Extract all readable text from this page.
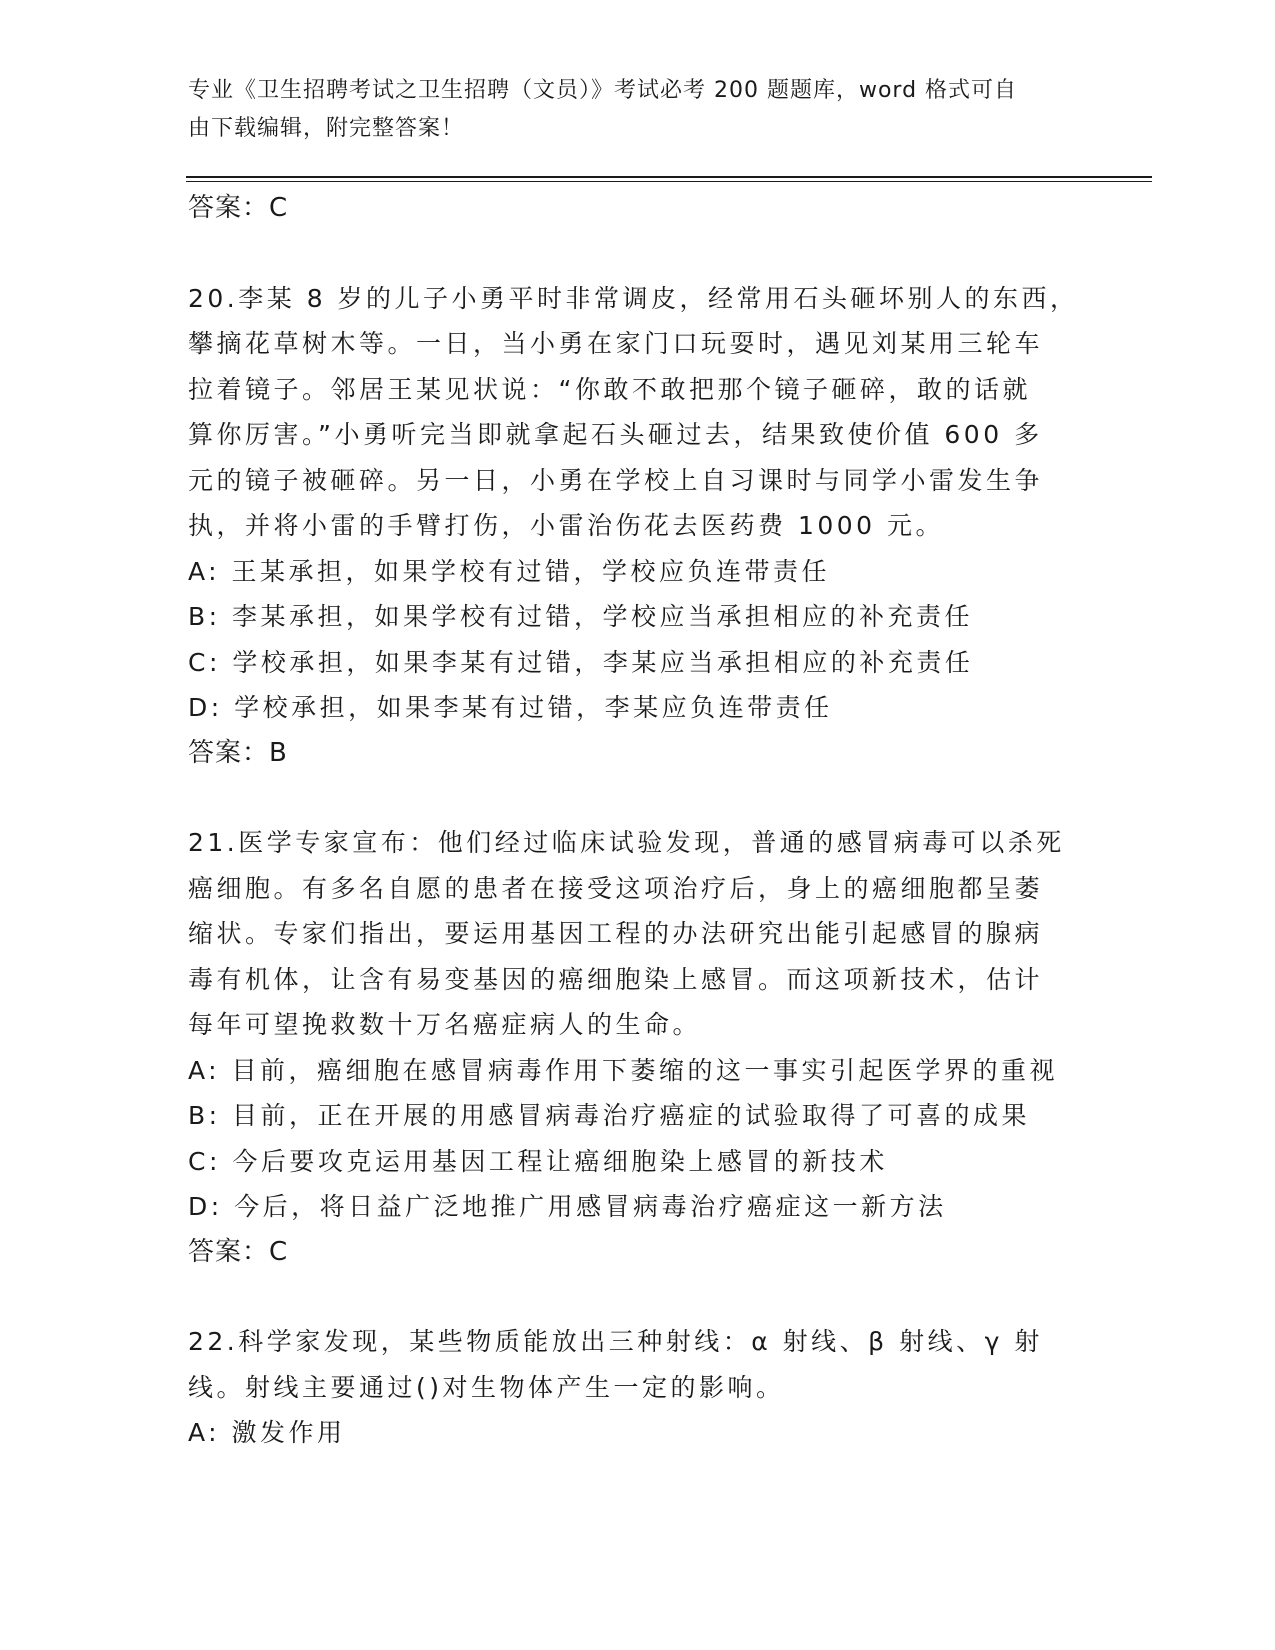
专业《卫生招聘考试之卫生招聘（文员）》考试必考 200 题题库，word 格式可自
由下载编辑，附完整答案！
答案：C
20.李某 8 岁的儿子小勇平时非常调皮，经常用石头砸坏别人的东西，
攀摘花草树木等。一日，当小勇在家门口玩耍时，遇见刘某用三轮车
拉着镜子。邻居王某见状说：“你敢不敢把那个镜子砸碎，敢的话就
算你厉害。”小勇听完当即就拿起石头砸过去，结果致使价值 600 多
元的镜子被砸碎。另一日，小勇在学校上自习课时与同学小雷发生争
执，并将小雷的手臂打伤，小雷治伤花去医药费 1000 元。
A: 王某承担，如果学校有过错，学校应负连带责任
B: 李某承担，如果学校有过错，学校应当承担相应的补充责任
C: 学校承担，如果李某有过错，李某应当承担相应的补充责任
D: 学校承担，如果李某有过错，李某应负连带责任
答案：B
21.医学专家宣布：他们经过临床试验发现，普通的感冒病毒可以杀死
癌细胞。有多名自愿的患者在接受这项治疗后，身上的癌细胞都呈萎
缩状。专家们指出，要运用基因工程的办法研究出能引起感冒的腺病
毒有机体，让含有易变基因的癌细胞染上感冒。而这项新技术，估计
每年可望挽救数十万名癌症病人的生命。
A: 目前，癌细胞在感冒病毒作用下萎缩的这一事实引起医学界的重视
B: 目前，正在开展的用感冒病毒治疗癌症的试验取得了可喜的成果
C: 今后要攻克运用基因工程让癌细胞染上感冒的新技术
D: 今后，将日益广泛地推广用感冒病毒治疗癌症这一新方法
答案：C
22.科学家发现，某些物质能放出三种射线：α 射线、β 射线、γ 射
线。射线主要通过()对生物体产生一定的影响。
A: 激发作用
